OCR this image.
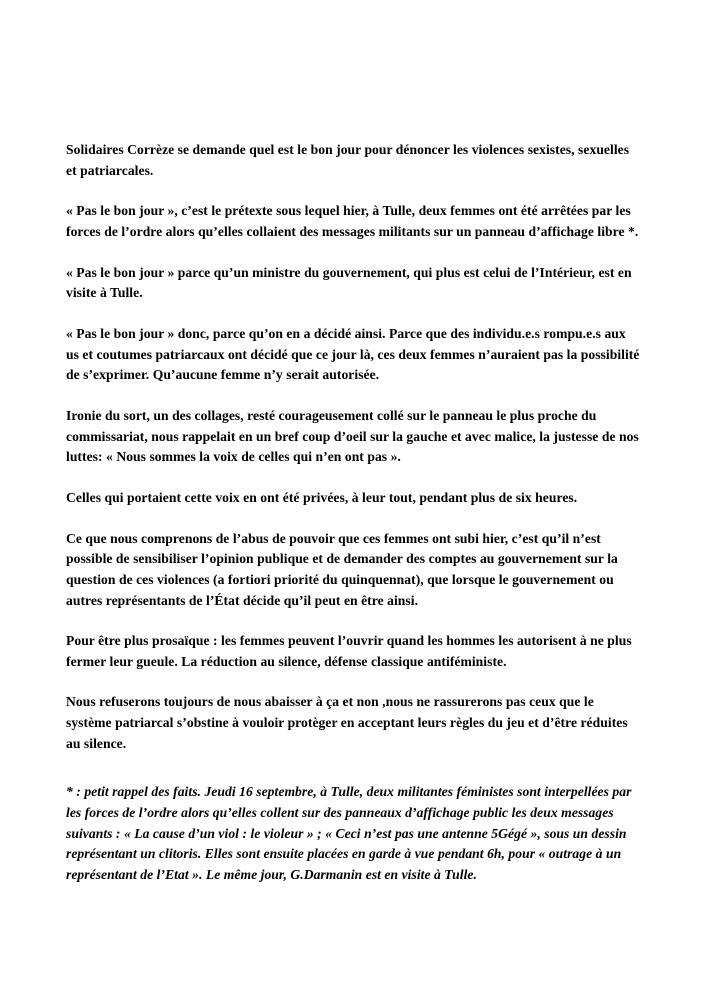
Solidaires Corrèze se demande quel est le bon jour pour dénoncer les violences sexistes, sexuelles et patriarcales.

« Pas le bon jour », c’est le prétexte sous lequel hier, à Tulle, deux femmes ont été arrêtées par les forces de l’ordre alors qu’elles collaient des messages militants sur un panneau d’affichage libre *.

« Pas le bon jour » parce qu’un ministre du gouvernement, qui plus est celui de l’Intérieur, est en visite à Tulle.

« Pas le bon jour » donc, parce qu’on en a décidé ainsi. Parce que des individu.e.s rompu.e.s aux us et coutumes patriarcaux ont décidé que ce jour là, ces deux femmes n’auraient pas la possibilité de s’exprimer. Qu’aucune femme n’y serait autorisée.

Ironie du sort, un des collages, resté courageusement collé sur le panneau le plus proche du commissariat, nous rappelait en un bref coup d’oeil sur la gauche et avec malice, la justesse de nos luttes: « Nous sommes la voix de celles qui n’en ont pas ».

Celles qui portaient cette voix en ont été privées, à leur tout, pendant plus de six heures.

Ce que nous comprenons de l’abus de pouvoir que ces femmes ont subi hier, c’est qu’il n’est possible de sensibiliser l’opinion publique et de demander des comptes au gouvernement sur la question de ces violences (a fortiori priorité du quinquennat), que lorsque le gouvernement ou autres représentants de l’État décide qu’il peut en être ainsi.

Pour être plus prosaïque : les femmes peuvent l’ouvrir quand les hommes les autorisent à ne plus fermer leur gueule. La réduction au silence, défense classique antiféministe.

Nous refuserons toujours de nous abaisser à ça et non ,nous ne rassurerons pas ceux que le système patriarcal s’obstine à vouloir protèger en acceptant leurs règles du jeu et d’être réduites au silence.

* : petit rappel des faits. Jeudi 16 septembre, à Tulle, deux militantes féministes sont interpellées par les forces de l’ordre alors qu’elles collent sur des panneaux d’affichage public les deux messages suivants : « La cause d’un viol : le violeur » ; « Ceci n’est pas une antenne 5Gégé », sous un dessin représentant un clitoris. Elles sont ensuite placées en garde à vue pendant 6h, pour « outrage à un représentant de l’Etat ». Le même jour, G.Darmanin est en visite à Tulle.
